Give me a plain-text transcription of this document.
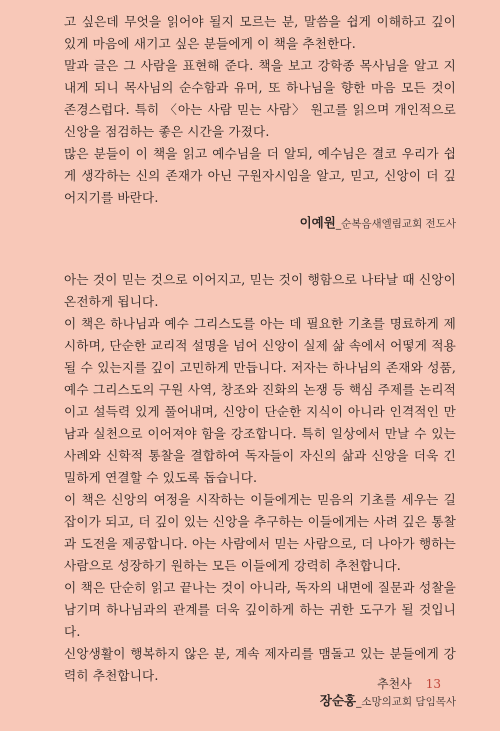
고 싶은데 무엇을 읽어야 될지 모르는 분, 말씀을 쉽게 이해하고 깊이 있게 마음에 새기고 싶은 분들에게 이 책을 추천한다.

말과 글은 그 사람을 표현해 준다. 책을 보고 강학종 목사님을 알고 지내게 되니 목사님의 순수함과 유머, 또 하나님을 향한 마음 모든 것이 존경스럽다. 특히 〈아는 사람 믿는 사람〉 원고를 읽으며 개인적으로 신앙을 점검하는 좋은 시간을 가졌다.

많은 분들이 이 책을 읽고 예수님을 더 알되, 예수님은 결코 우리가 쉽게 생각하는 신의 존재가 아닌 구원자시임을 알고, 믿고, 신앙이 더 깊어지기를 바란다.

이예원_순복음새엘림교회 전도사

아는 것이 믿는 것으로 이어지고, 믿는 것이 행함으로 나타날 때 신앙이 온전하게 됩니다.

이 책은 하나님과 예수 그리스도를 아는 데 필요한 기초를 명료하게 제시하며, 단순한 교리적 설명을 넘어 신앙이 실제 삶 속에서 어떻게 적용될 수 있는지를 깊이 고민하게 만듭니다. 저자는 하나님의 존재와 성품, 예수 그리스도의 구원 사역, 창조와 진화의 논쟁 등 핵심 주제를 논리적이고 설득력 있게 풀어내며, 신앙이 단순한 지식이 아니라 인격적인 만남과 실천으로 이어져야 함을 강조합니다. 특히 일상에서 만날 수 있는 사례와 신학적 통찰을 결합하여 독자들이 자신의 삶과 신앙을 더욱 긴밀하게 연결할 수 있도록 돕습니다.

이 책은 신앙의 여정을 시작하는 이들에게는 믿음의 기초를 세우는 길잡이가 되고, 더 깊이 있는 신앙을 추구하는 이들에게는 사려 깊은 통찰과 도전을 제공합니다. 아는 사람에서 믿는 사람으로, 더 나아가 행하는 사람으로 성장하기 원하는 모든 이들에게 강력히 추천합니다.

이 책은 단순히 읽고 끝나는 것이 아니라, 독자의 내면에 질문과 성찰을 남기며 하나님과의 관계를 더욱 깊이하게 하는 귀한 도구가 될 것입니다.

신앙생활이 행복하지 않은 분, 계속 제자리를 맴돌고 있는 분들에게 강력히 추천합니다.

장순홍_소망의교회 담임목사
추천사 13
